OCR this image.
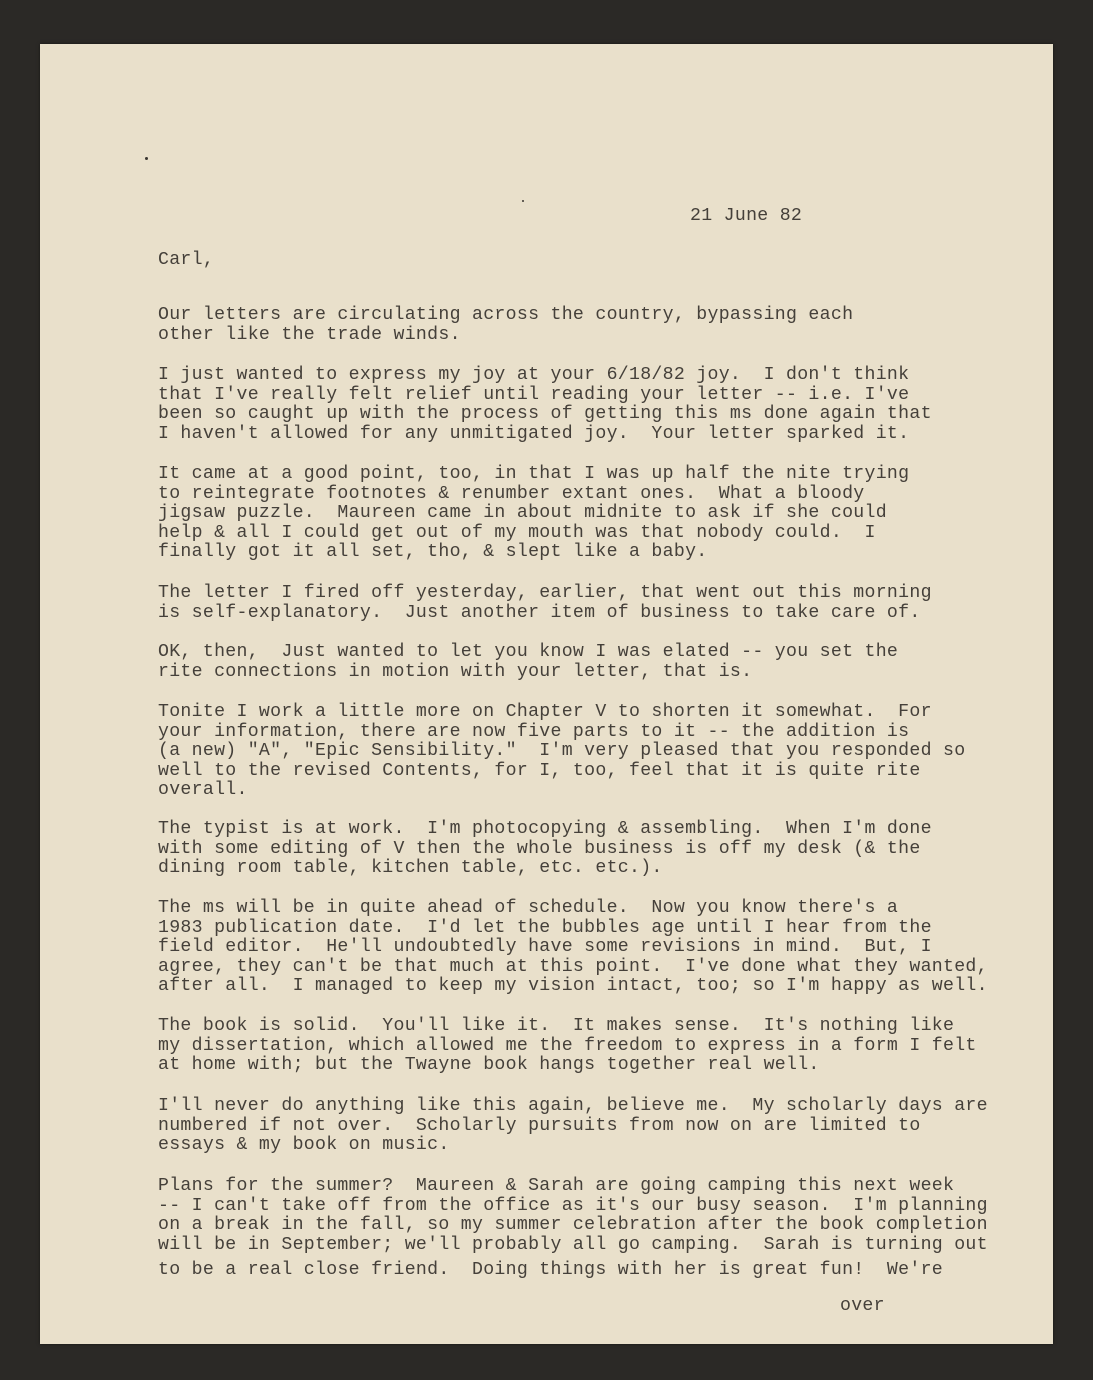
21 June 82
Carl,
Our letters are circulating across the country, bypassing each
other like the trade winds.
I just wanted to express my joy at your 6/18/82 joy.  I don't think
that I've really felt relief until reading your letter -- i.e. I've
been so caught up with the process of getting this ms done again that
I haven't allowed for any unmitigated joy.  Your letter sparked it.
It came at a good point, too, in that I was up half the nite trying
to reintegrate footnotes & renumber extant ones.  What a bloody
jigsaw puzzle.  Maureen came in about midnite to ask if she could
help & all I could get out of my mouth was that nobody could.  I
finally got it all set, tho, & slept like a baby.
The letter I fired off yesterday, earlier, that went out this morning
is self-explanatory.  Just another item of business to take care of.
OK, then,  Just wanted to let you know I was elated -- you set the
rite connections in motion with your letter, that is.
Tonite I work a little more on Chapter V to shorten it somewhat.  For
your information, there are now five parts to it -- the addition is
(a new) "A", "Epic Sensibility."  I'm very pleased that you responded so
well to the revised Contents, for I, too, feel that it is quite rite
overall.
The typist is at work.  I'm photocopying & assembling.  When I'm done
with some editing of V then the whole business is off my desk (& the
dining room table, kitchen table, etc. etc.).
The ms will be in quite ahead of schedule.  Now you know there's a
1983 publication date.  I'd let the bubbles age until I hear from the
field editor.  He'll undoubtedly have some revisions in mind.  But, I
agree, they can't be that much at this point.  I've done what they wanted,
after all.  I managed to keep my vision intact, too; so I'm happy as well.
The book is solid.  You'll like it.  It makes sense.  It's nothing like
my dissertation, which allowed me the freedom to express in a form I felt
at home with; but the Twayne book hangs together real well.
I'll never do anything like this again, believe me.  My scholarly days are
numbered if not over.  Scholarly pursuits from now on are limited to
essays & my book on music.
Plans for the summer?  Maureen & Sarah are going camping this next week
-- I can't take off from the office as it's our busy season.  I'm planning
on a break in the fall, so my summer celebration after the book completion
will be in September; we'll probably all go camping.  Sarah is turning out
to be a real close friend.  Doing things with her is great fun!  We're
over
